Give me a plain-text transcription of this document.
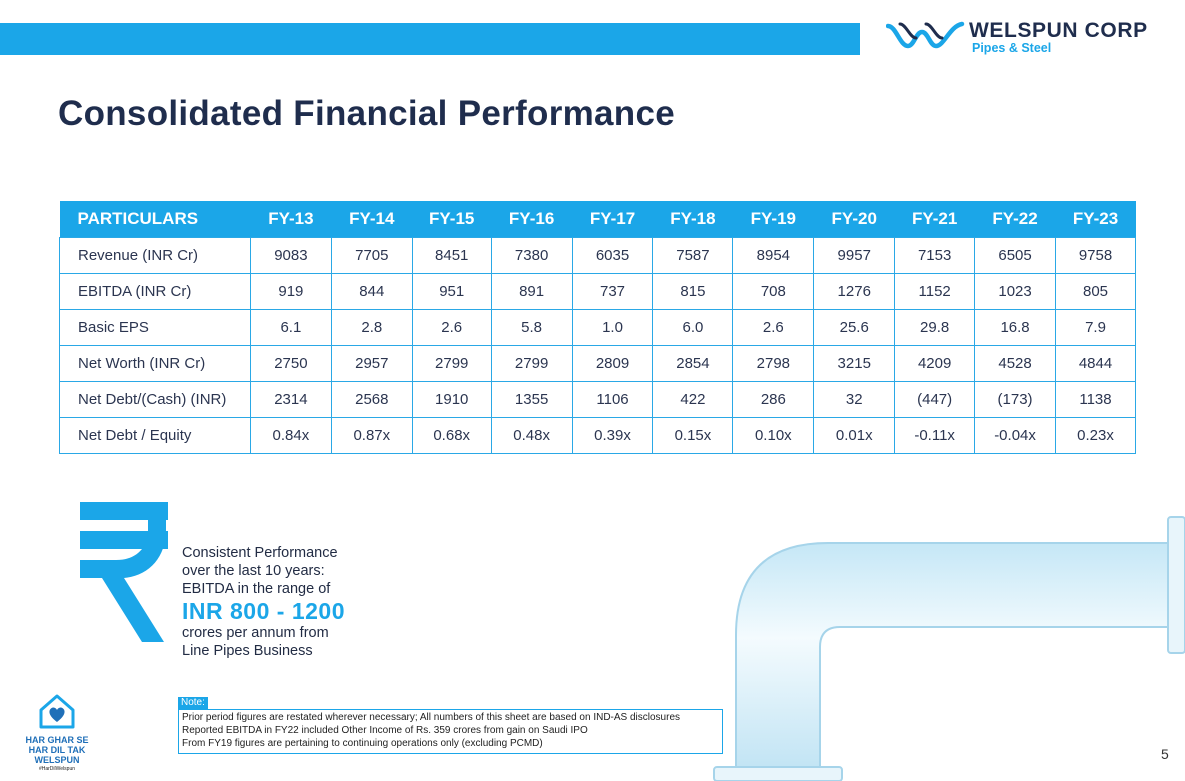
WELSPUN CORP
Pipes & Steel
Consolidated Financial Performance
PARTICULARS	FY-13	FY-14	FY-15	FY-16	FY-17	FY-18	FY-19	FY-20	FY-21	FY-22	FY-23
Revenue (INR Cr)	9083	7705	8451	7380	6035	7587	8954	9957	7153	6505	9758
EBITDA (INR Cr)	919	844	951	891	737	815	708	1276	1152	1023	805
Basic EPS	6.1	2.8	2.6	5.8	1.0	6.0	2.6	25.6	29.8	16.8	7.9
Net Worth (INR Cr)	2750	2957	2799	2799	2809	2854	2798	3215	4209	4528	4844
Net Debt/(Cash) (INR)	2314	2568	1910	1355	1106	422	286	32	(447)	(173)	1138
Net Debt / Equity	0.84x	0.87x	0.68x	0.48x	0.39x	0.15x	0.10x	0.01x	-0.11x	-0.04x	0.23x
Consistent Performance
over the last 10 years:
EBITDA in the range of
INR 800 - 1200
crores per annum from
Line Pipes Business
HAR GHAR SE
HAR DIL TAK
WELSPUN
#HarDilWelspun
Note:
Prior period figures are restated wherever necessary; All numbers of this sheet are based on IND-AS disclosures
Reported EBITDA in FY22 included Other Income of Rs. 359 crores from gain on Saudi IPO
From FY19 figures are pertaining to continuing operations only (excluding PCMD)
5
